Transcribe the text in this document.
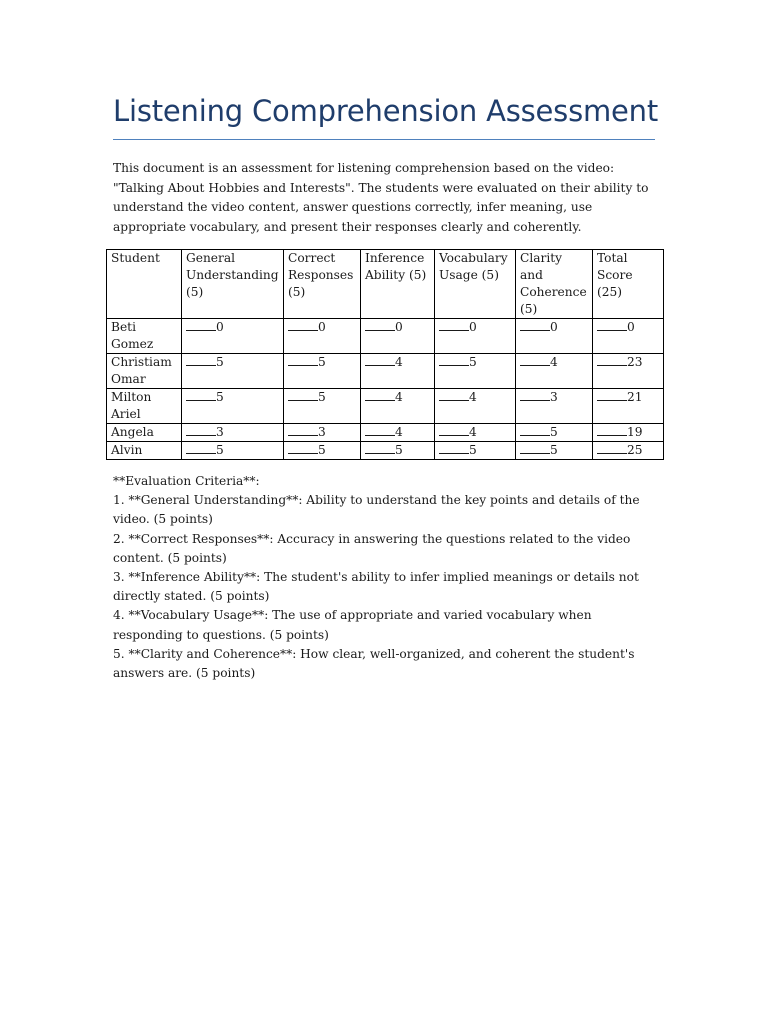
Listening Comprehension Assessment
This document is an assessment for listening comprehension based on the video: "Talking About Hobbies and Interests". The students were evaluated on their ability to understand the video content, answer questions correctly, infer meaning, use appropriate vocabulary, and present their responses clearly and coherently.
Student	General Understanding (5)	Correct Responses (5)	Inference Ability (5)	Vocabulary Usage (5)	Clarity and Coherence (5)	Total Score (25)
Beti Gomez	0	0	0	0	0	0
Christiam Omar	5	5	4	5	4	23
Milton Ariel	5	5	4	4	3	21
Angela	3	3	4	4	5	19
Alvin	5	5	5	5	5	25

**Evaluation Criteria**:

1. **General Understanding**: Ability to understand the key points and details of the video. (5 points)

2. **Correct Responses**: Accuracy in answering the questions related to the video content. (5 points)

3. **Inference Ability**: The student's ability to infer implied meanings or details not directly stated. (5 points)

4. **Vocabulary Usage**: The use of appropriate and varied vocabulary when responding to questions. (5 points)

5. **Clarity and Coherence**: How clear, well-organized, and coherent the student's answers are. (5 points)
